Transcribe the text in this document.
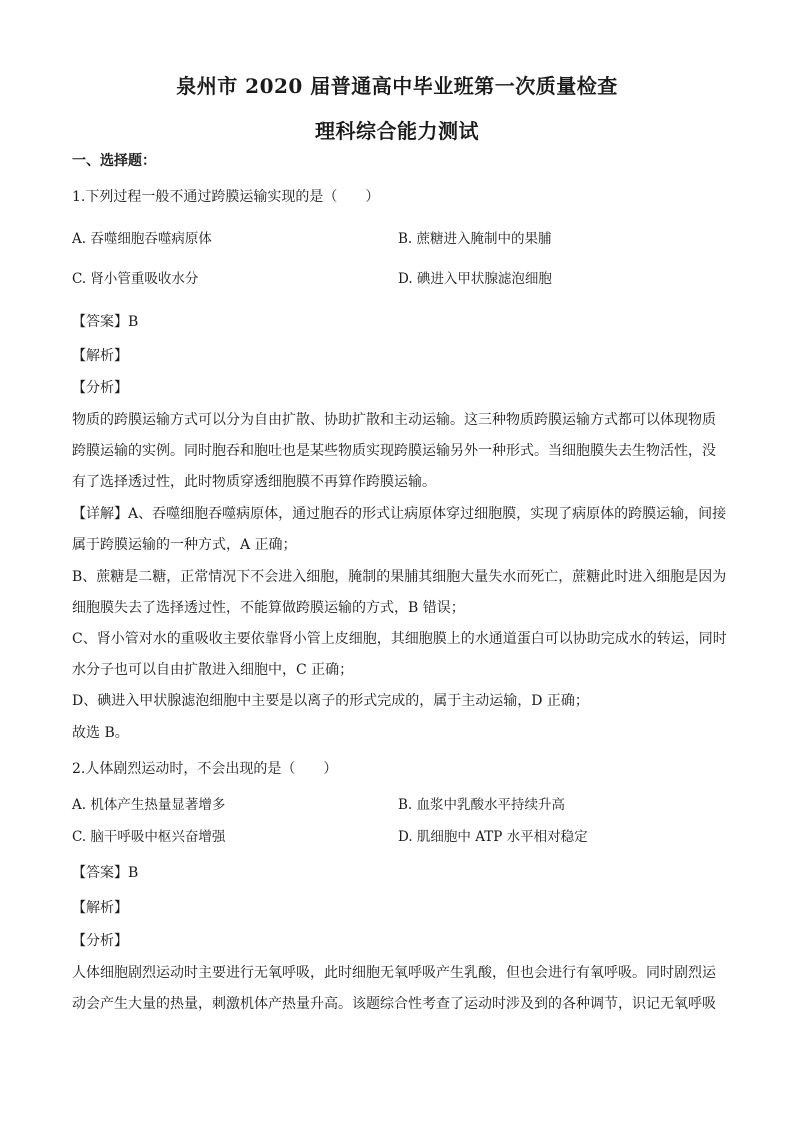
泉州市 2020 届普通高中毕业班第一次质量检查
理科综合能力测试
一、选择题：
1.下列过程一般不通过跨膜运输实现的是（　　）
A. 吞噬细胞吞噬病原体	B. 蔗糖进入腌制中的果脯
C. 肾小管重吸收水分	D. 碘进入甲状腺滤泡细胞
【答案】B
【解析】
【分析】
物质的跨膜运输方式可以分为自由扩散、协助扩散和主动运输。这三种物质跨膜运输方式都可以体现物质
跨膜运输的实例。同时胞吞和胞吐也是某些物质实现跨膜运输另外一种形式。当细胞膜失去生物活性，没
有了选择透过性，此时物质穿透细胞膜不再算作跨膜运输。
【详解】A、吞噬细胞吞噬病原体，通过胞吞的形式让病原体穿过细胞膜，实现了病原体的跨膜运输，间接
属于跨膜运输的一种方式，A 正确；
B、蔗糖是二糖，正常情况下不会进入细胞，腌制的果脯其细胞大量失水而死亡，蔗糖此时进入细胞是因为
细胞膜失去了选择透过性，不能算做跨膜运输的方式，B 错误；
C、肾小管对水的重吸收主要依靠肾小管上皮细胞，其细胞膜上的水通道蛋白可以协助完成水的转运，同时
水分子也可以自由扩散进入细胞中，C 正确；
D、碘进入甲状腺滤泡细胞中主要是以离子的形式完成的，属于主动运输，D 正确；
故选 B。
2.人体剧烈运动时，不会出现的是（　　）
A. 机体产生热量显著增多	B. 血浆中乳酸水平持续升高
C. 脑干呼吸中枢兴奋增强	D. 肌细胞中 ATP 水平相对稳定
【答案】B
【解析】
【分析】
人体细胞剧烈运动时主要进行无氧呼吸，此时细胞无氧呼吸产生乳酸，但也会进行有氧呼吸。同时剧烈运
动会产生大量的热量，刺激机体产热量升高。该题综合性考查了运动时涉及到的各种调节，识记无氧呼吸
